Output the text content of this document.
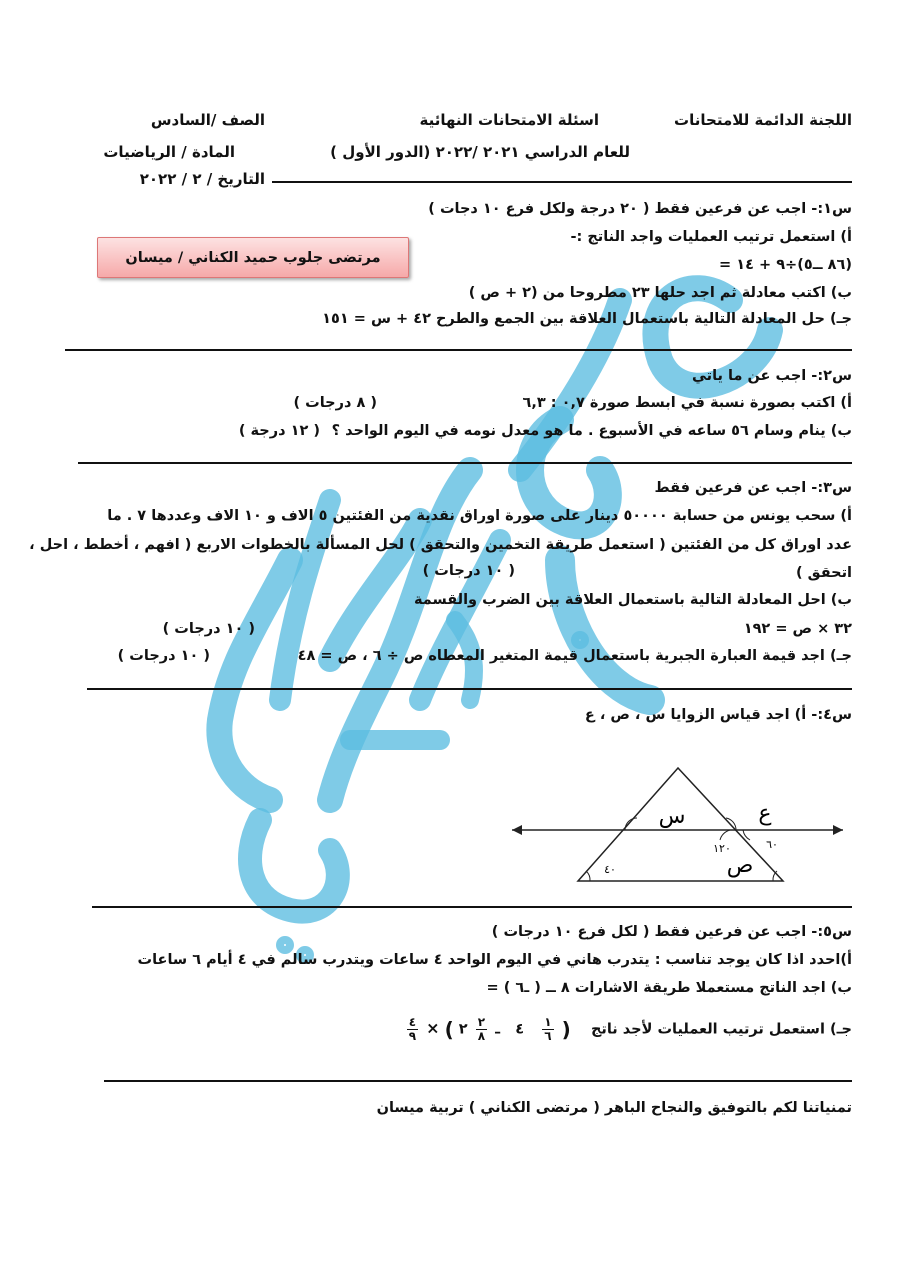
اللجنة الدائمة للامتحانات
اسئلة الامتحانات النهائية
للعام الدراسي ٢٠٢١ /٢٠٢٢ (الدور الأول )
الصف /السادس
المادة / الرياضيات
التاريخ / ٢ / ٢٠٢٢
س١:- اجب عن فرعين فقط ( ٢٠ درجة ولكل فرع ١٠ دجات )
أ) استعمل ترتيب العمليات واجد الناتج :-
(٨٦ ــ٥)÷٩ + ١٤ =
مرتضى جلوب حميد الكناني / ميسان
ب) اكتب معادلة ثم اجد حلها ٢٣ مطروحا من (٢ + ص )
جـ) حل المعادلة التالية باستعمال العلاقة بين الجمع والطرح ٤٢ + س = ١٥١
س٢:- اجب عن ما ياتي
أ) اكتب بصورة نسبة في ابسط صورة ٠,٧ : ٦,٣
( ٨ درجات )
ب) ينام وسام ٥٦ ساعه في الأسبوع . ما هو معدل نومه في اليوم الواحد ؟
( ١٢ درجة )
س٣:- اجب عن فرعين فقط
أ) سحب يونس من حسابة ٥٠٠٠٠ دينار على صورة اوراق نقدية من الفئتين ٥ الاف و ١٠ الاف وعددها ٧ . ما
عدد اوراق كل من الفئتين ( استعمل طريقة التخمين والتحقق ) لحل المسألة بالخطوات الاربع ( افهم ، أخطط ، احل ،
اتحقق )
( ١٠ درجات )
ب) احل المعادلة التالية باستعمال العلاقة بين الضرب والقسمة
٣٢ × ص = ١٩٢
( ١٠ درجات )
جـ) اجد قيمة العبارة الجبرية باستعمال قيمة المتغير المعطاه ص ÷ ٦ ، ص = ٤٨
( ١٠ درجات )
س٤:- أ) اجد قياس الزوايا س ، ص ، ع
س	ع
١٢٠	٦٠
ص
٤٠
س٥:- اجب عن فرعين فقط ( لكل فرع ١٠ درجات )
أ)احدد اذا كان يوجد تناسب : يتدرب هاني في اليوم الواحد ٤ ساعات ويتدرب سالم في ٤ أيام ٦ ساعات
ب) اجد الناتج مستعملا طريقة الاشارات ٨ ــ ( ـ٦ ) =
جـ) استعمل ترتيب العمليات لأجد ناتج    (
$\frac{١}{٦}$
٤   ـ
$\frac{٢}{٨}$
٢ ) ×
$\frac{٤}{٩}$
تمنياتنا لكم بالتوفيق والنجاح الباهر ( مرتضى الكناني ) تربية ميسان
